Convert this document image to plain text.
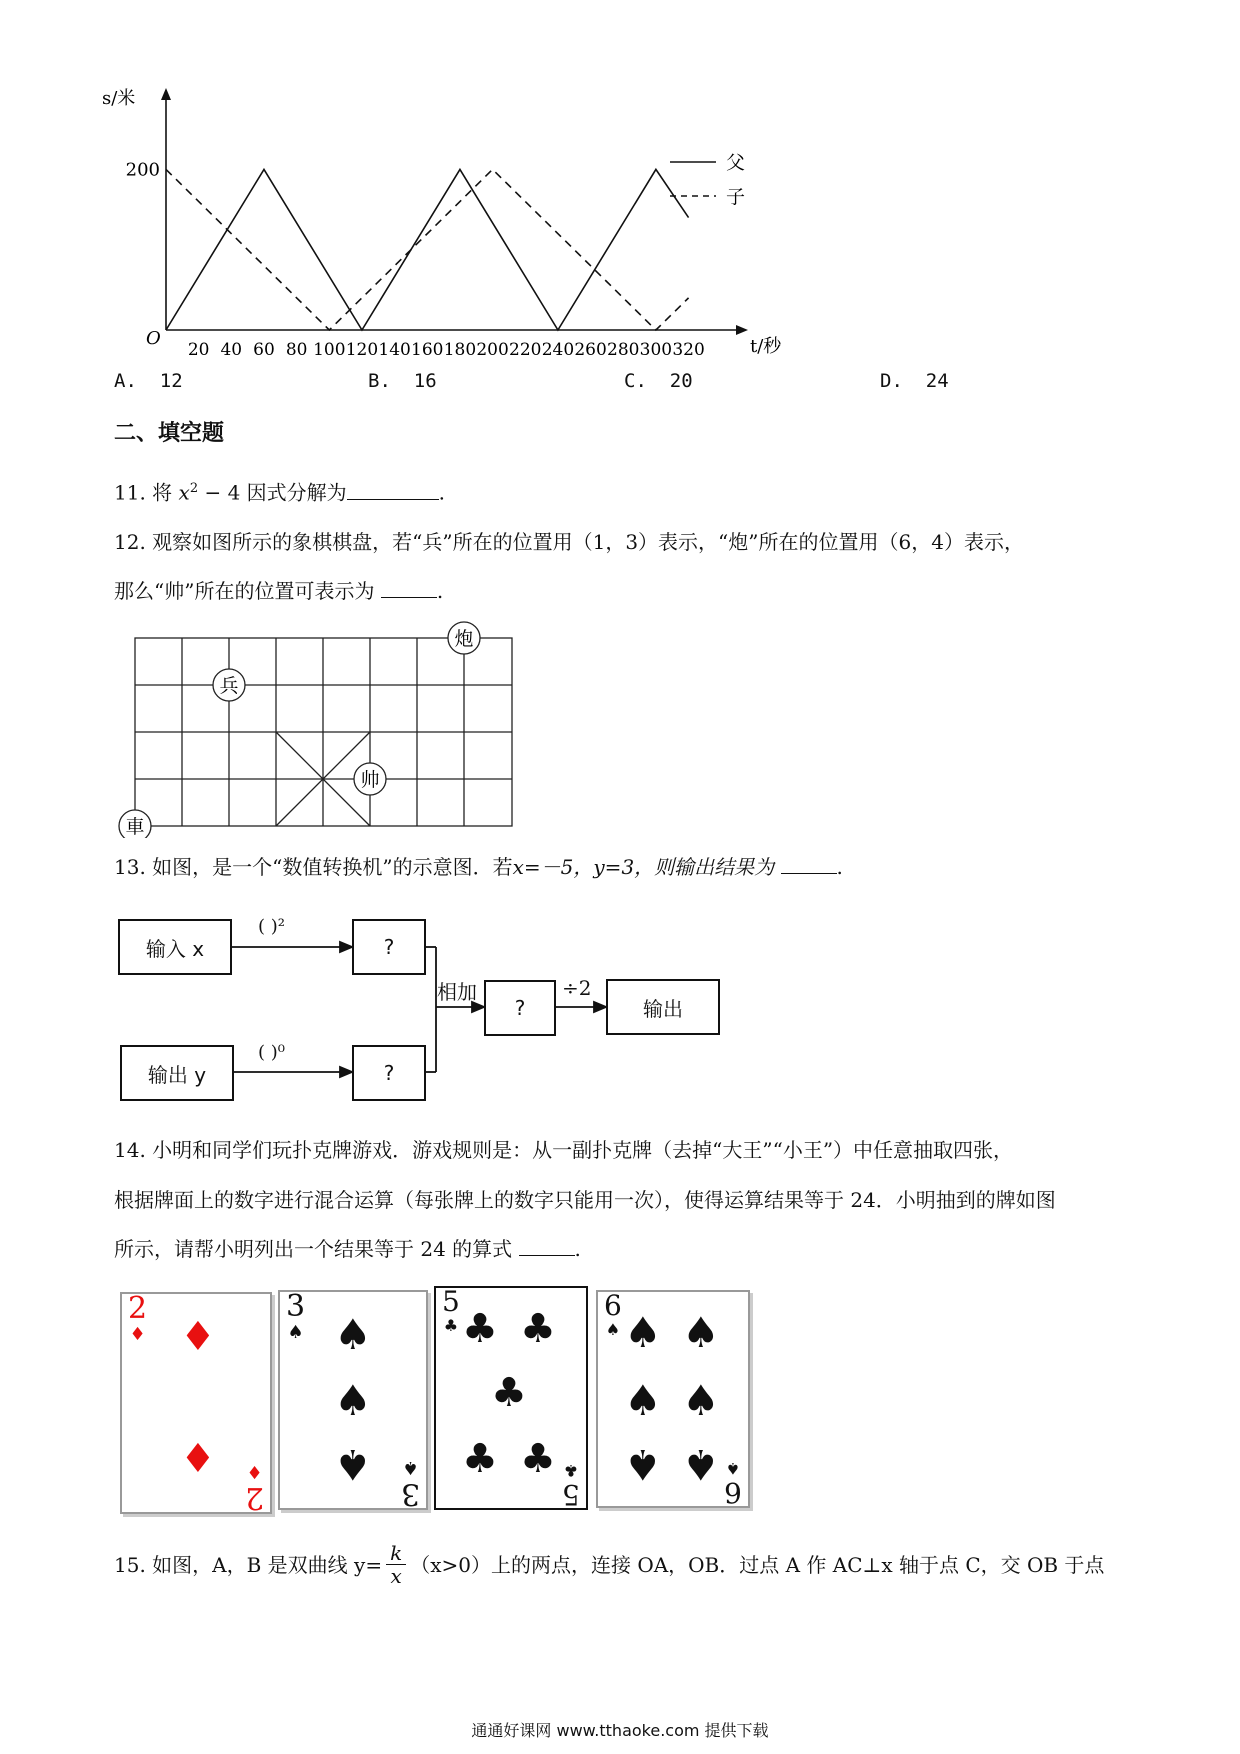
s/米
t/秒
O
20 40 60 80 100 120 140 160 180 200 220 240 260 280 300 320
200	父
子
A. 12	B. 16	C. 20	D. 24
二、填空题
11. 将 $x^2 - 4$ 因式分解为	.
12. 观察如图所示的象棋棋盘，若“兵”所在的位置用（1，3）表示，“炮”所在的位置用（6，4）表示，
那么“帅”所在的位置可表示为	.
兵
炮
帅
車
13. 如图，是一个“数值转换机”的示意图．若x=－5，y=3，则输出结果为	.
输入 x
输出 y
( )²
( )⁰
?
?
相加
?
÷2
输出
14. 小明和同学们玩扑克牌游戏．游戏规则是：从一副扑克牌（去掉“大王”“小王”）中任意抽取四张，
根据牌面上的数字进行混合运算（每张牌上的数字只能用一次），使得运算结果等于 24．小明抽到的牌如图
所示，请帮小明列出一个结果等于 24 的算式	.
2
♦ ♦
♦
2
♦
3
♠ ♠
♠
♠
3
♠
5
♣ ♣ ♣
♣
♣ ♣
5
♣
6
♠ ♠ ♠
♠ ♠
♠ ♠
6
♠
15. 如图，A，B 是双曲线 $y= \frac{k}{x} (x>0)$上的两点，连接 OA，OB．过点 A 作 AC⊥x 轴于点 C，交 OB 于点
通通好课网 www.tthaoke.com 提供下载
